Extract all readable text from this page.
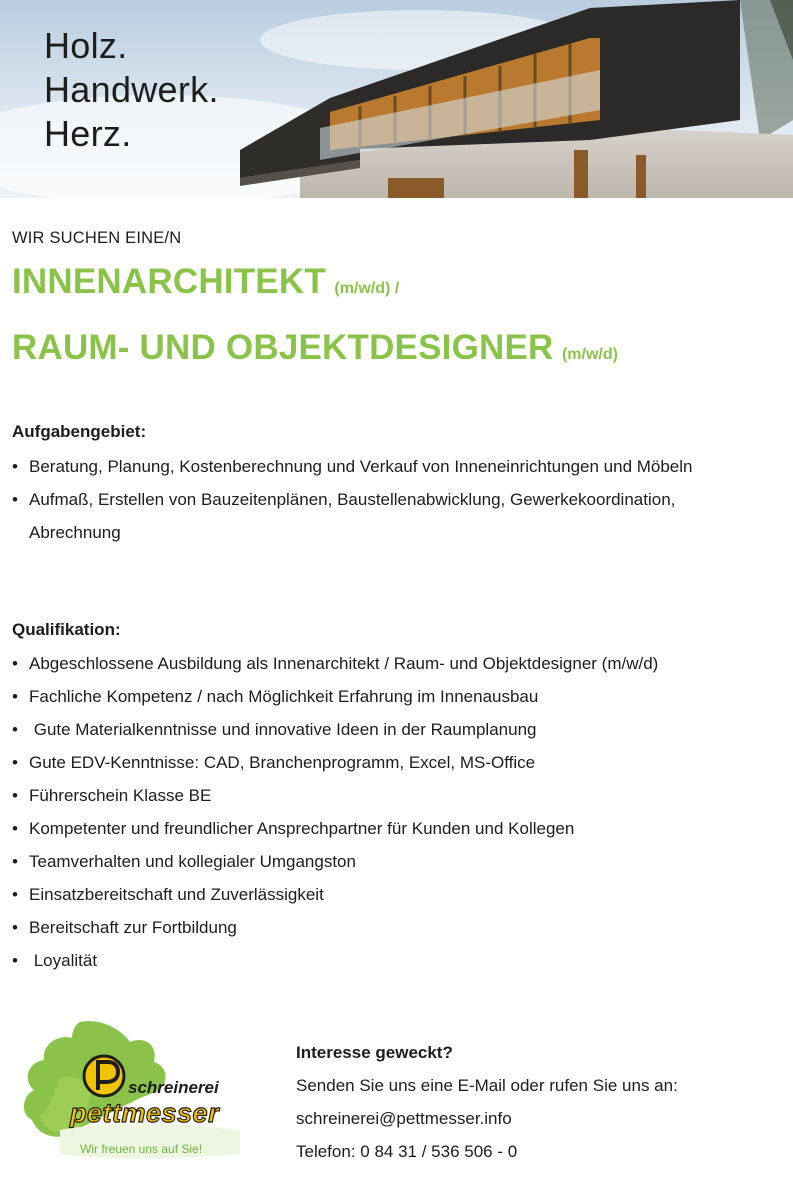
Holz.
Handwerk.
Herz.
WIR SUCHEN EINE/N
INNENARCHITEKT (m/w/d) /
RAUM- UND OBJEKTDESIGNER (m/w/d)
Aufgabengebiet:
• Beratung, Planung, Kostenberechnung und Verkauf von Inneneinrichtungen und Möbeln
• Aufmaß, Erstellen von Bauzeitenplänen, Baustellenabwicklung, Gewerkekoordination, Abrechnung
Qualifikation:
• Abgeschlossene Ausbildung als Innenarchitekt / Raum- und Objektdesigner (m/w/d)
• Fachliche Kompetenz / nach Möglichkeit Erfahrung im Innenausbau
• Gute Materialkenntnisse und innovative Ideen in der Raumplanung
• Gute EDV-Kenntnisse: CAD, Branchenprogramm, Excel, MS-Office
• Führerschein Klasse BE
• Kompetenter und freundlicher Ansprechpartner für Kunden und Kollegen
• Teamverhalten und kollegialer Umgangston
• Einsatzbereitschaft und Zuverlässigkeit
• Bereitschaft zur Fortbildung
• Loyalität
schreinerei
pettmesser
Wir freuen uns auf Sie!
Interesse geweckt?
Senden Sie uns eine E-Mail oder rufen Sie uns an:
schreinerei@pettmesser.info
Telefon: 0 84 31 / 536 506 - 0
